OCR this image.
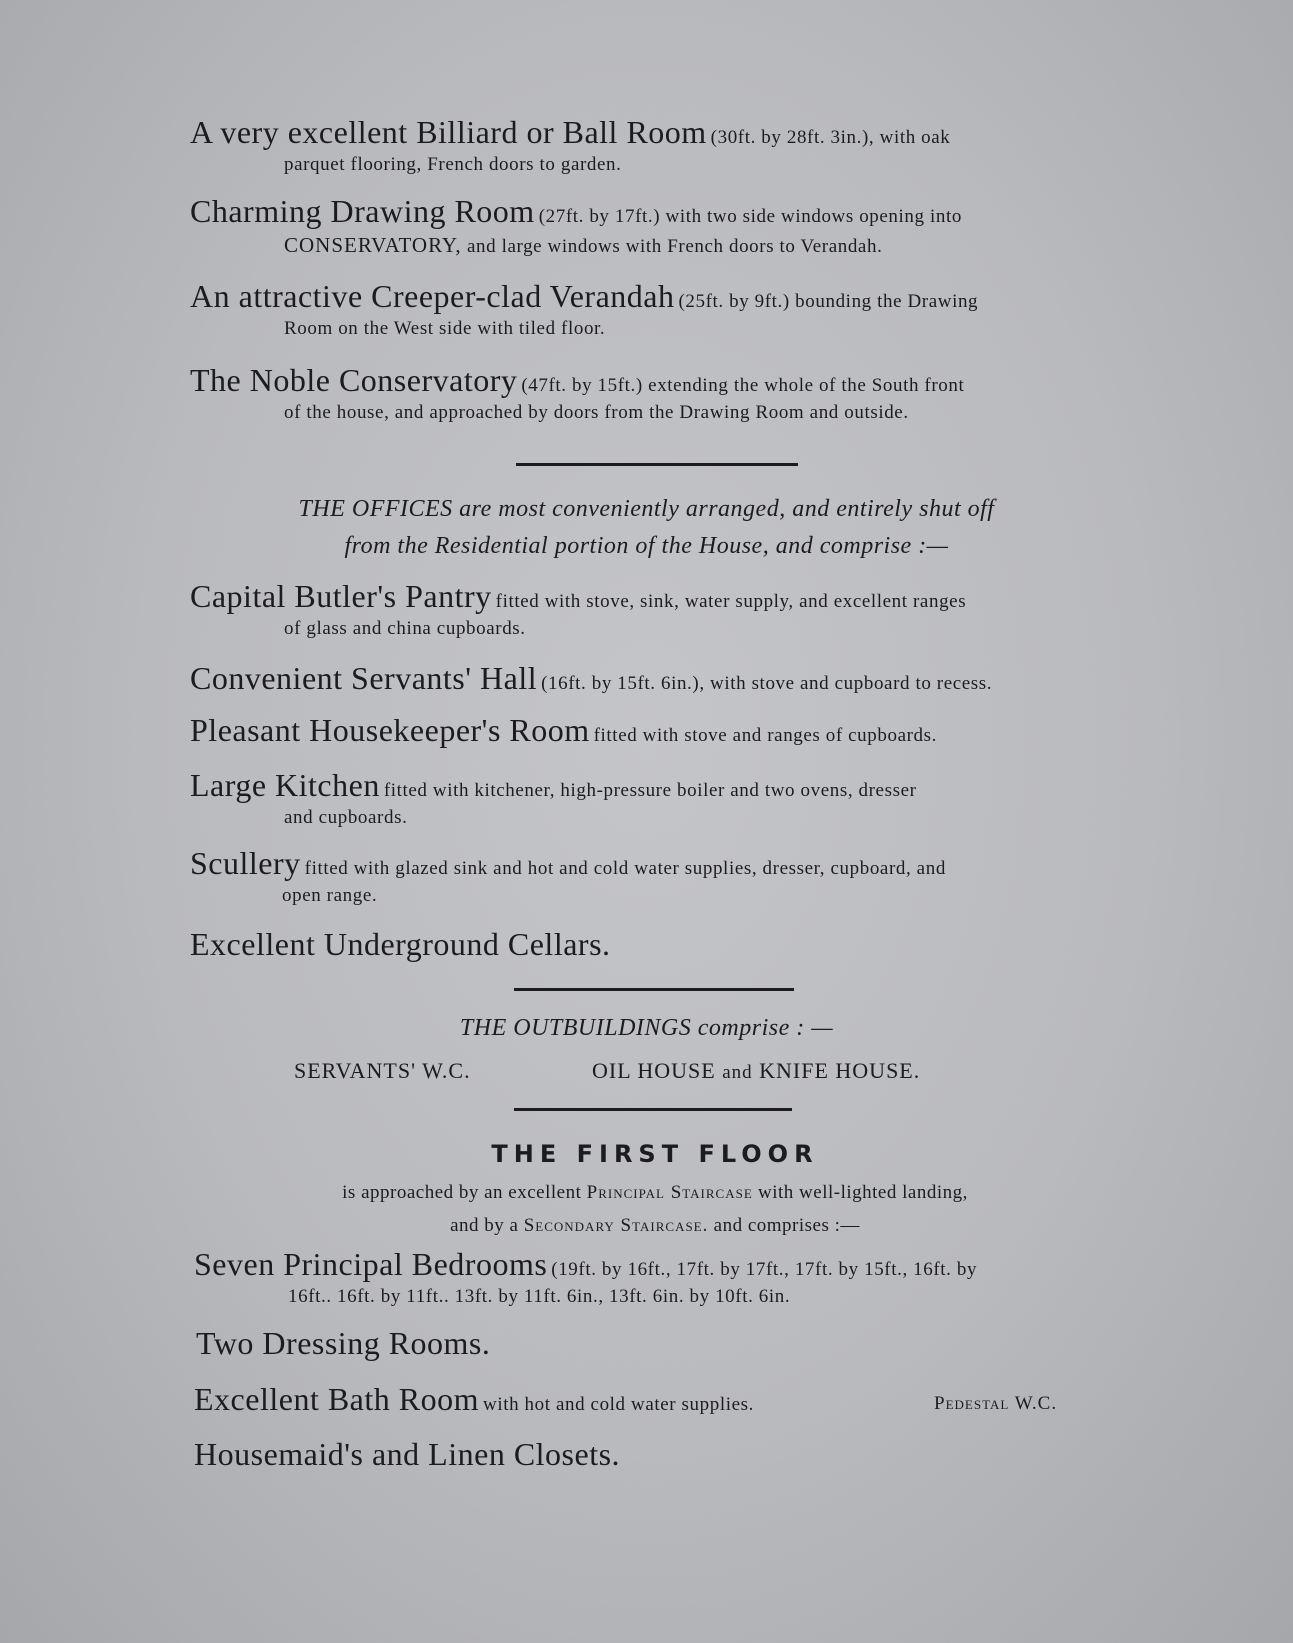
A very excellent Billiard or Ball Room (30ft. by 28ft. 3in.), with oak
parquet flooring, French doors to garden.
Charming Drawing Room (27ft. by 17ft.) with two side windows opening into
CONSERVATORY, and large windows with French doors to Verandah.
An attractive Creeper-clad Verandah (25ft. by 9ft.) bounding the Drawing
Room on the West side with tiled floor.
The Noble Conservatory (47ft. by 15ft.) extending the whole of the South front
of the house, and approached by doors from the Drawing Room and outside.
THE OFFICES are most conveniently arranged, and entirely shut off
from the Residential portion of the House, and comprise :—
Capital Butler's Pantry fitted with stove, sink, water supply, and excellent ranges
of glass and china cupboards.
Convenient Servants' Hall (16ft. by 15ft. 6in.), with stove and cupboard to recess.
Pleasant Housekeeper's Room fitted with stove and ranges of cupboards.
Large Kitchen fitted with kitchener, high-pressure boiler and two ovens, dresser
and cupboards.
Scullery fitted with glazed sink and hot and cold water supplies, dresser, cupboard, and
open range.
Excellent Underground Cellars.
THE OUTBUILDINGS comprise : —
SERVANTS' W.C.	OIL HOUSE and KNIFE HOUSE.
THE FIRST FLOOR
is approached by an excellent Principal Staircase with well-lighted landing,
and by a Secondary Staircase. and comprises :—
Seven Principal Bedrooms (19ft. by 16ft., 17ft. by 17ft., 17ft. by 15ft., 16ft. by
16ft.. 16ft. by 11ft.. 13ft. by 11ft. 6in., 13ft. 6in. by 10ft. 6in.
Two Dressing Rooms.
Excellent Bath Room with hot and cold water supplies.	Pedestal W.C.
Housemaid's and Linen Closets.
